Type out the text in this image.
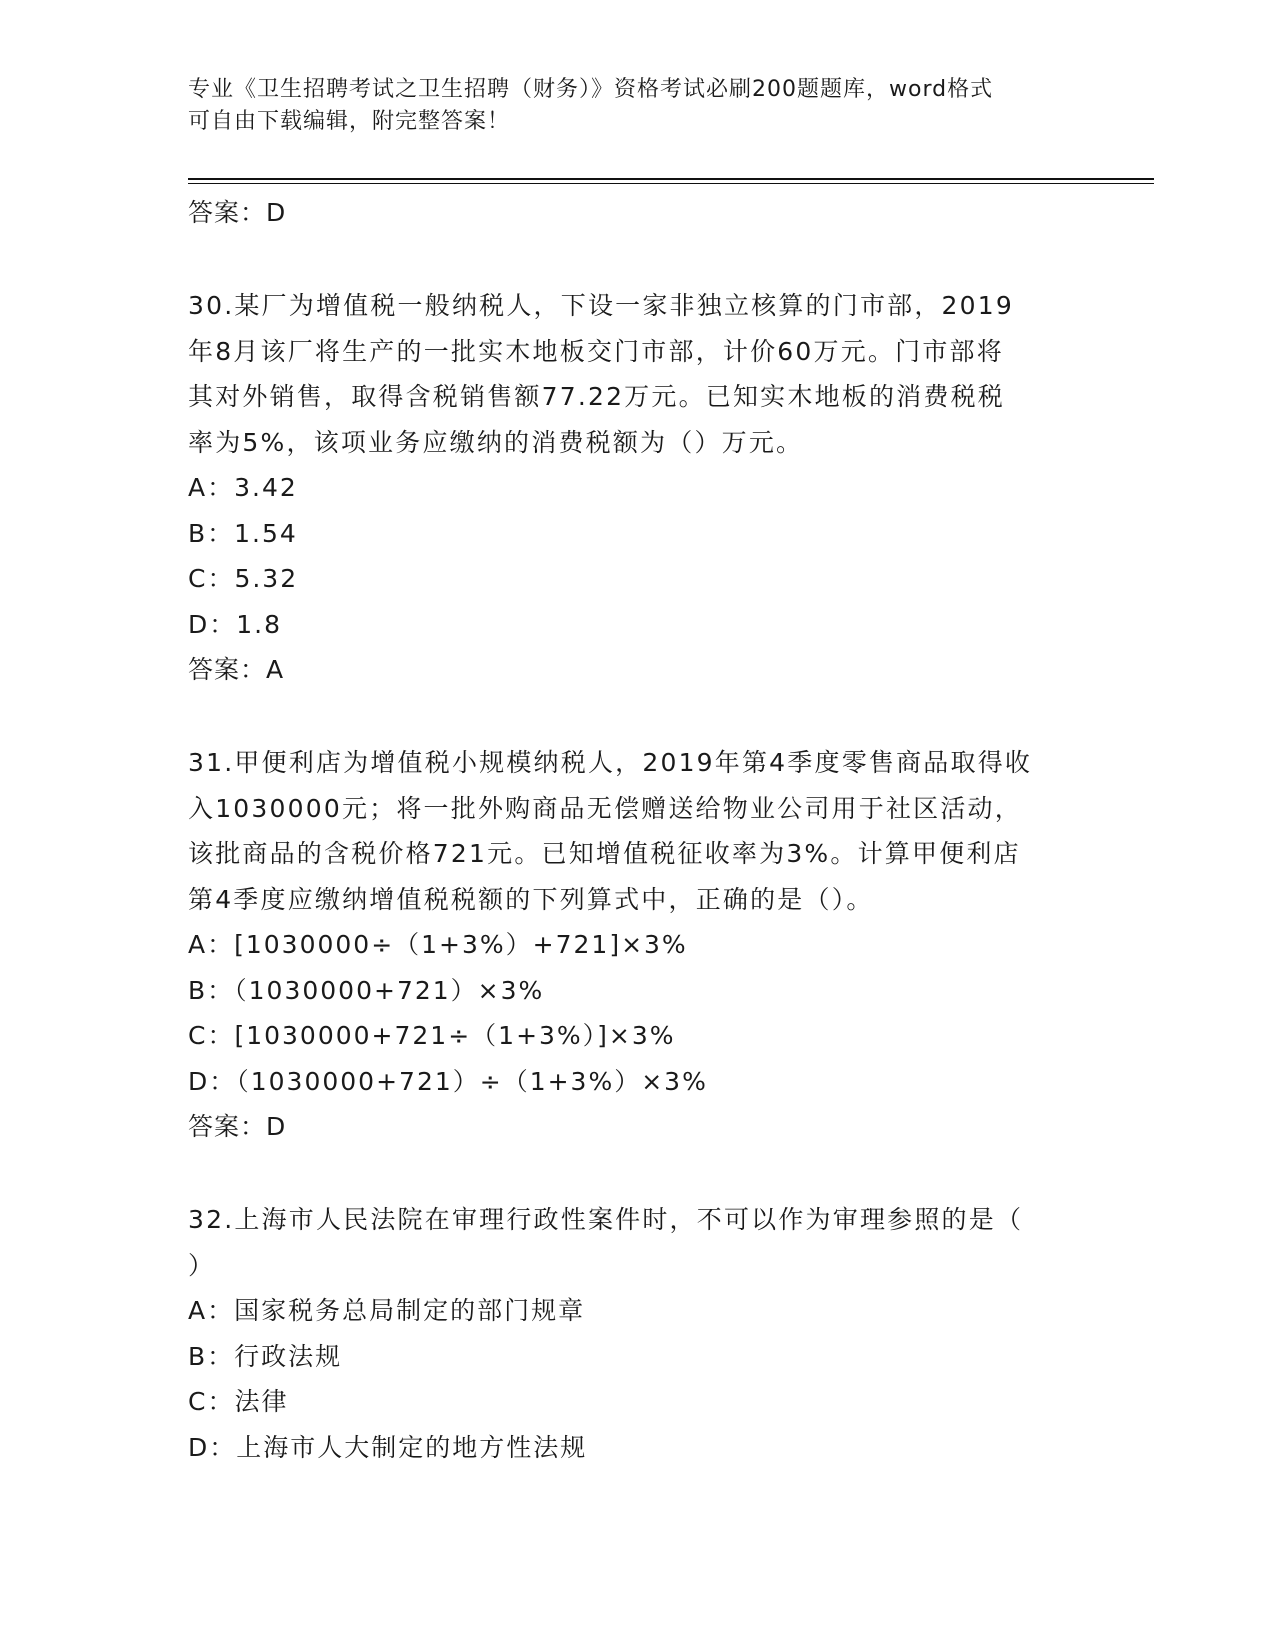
专业《卫生招聘考试之卫生招聘（财务）》资格考试必刷200题题库，word格式
可自由下载编辑，附完整答案！
答案：D
30.某厂为增值税一般纳税人，下设一家非独立核算的门市部，2019
年8月该厂将生产的一批实木地板交门市部，计价60万元。门市部将
其对外销售，取得含税销售额77.22万元。已知实木地板的消费税税
率为5%，该项业务应缴纳的消费税额为（）万元。
A：3.42
B：1.54
C：5.32
D：1.8
答案：A
31.甲便利店为增值税小规模纳税人，2019年第4季度零售商品取得收
入1030000元；将一批外购商品无偿赠送给物业公司用于社区活动，
该批商品的含税价格721元。已知增值税征收率为3%。计算甲便利店
第4季度应缴纳增值税税额的下列算式中，正确的是（）。
A：[1030000÷（1+3%）+721]×3%
B：（1030000+721）×3%
C：[1030000+721÷（1+3%）]×3%
D：（1030000+721）÷（1+3%）×3%
答案：D
32.上海市人民法院在审理行政性案件时，不可以作为审理参照的是（
）
A：国家税务总局制定的部门规章
B：行政法规
C：法律
D：上海市人大制定的地方性法规
